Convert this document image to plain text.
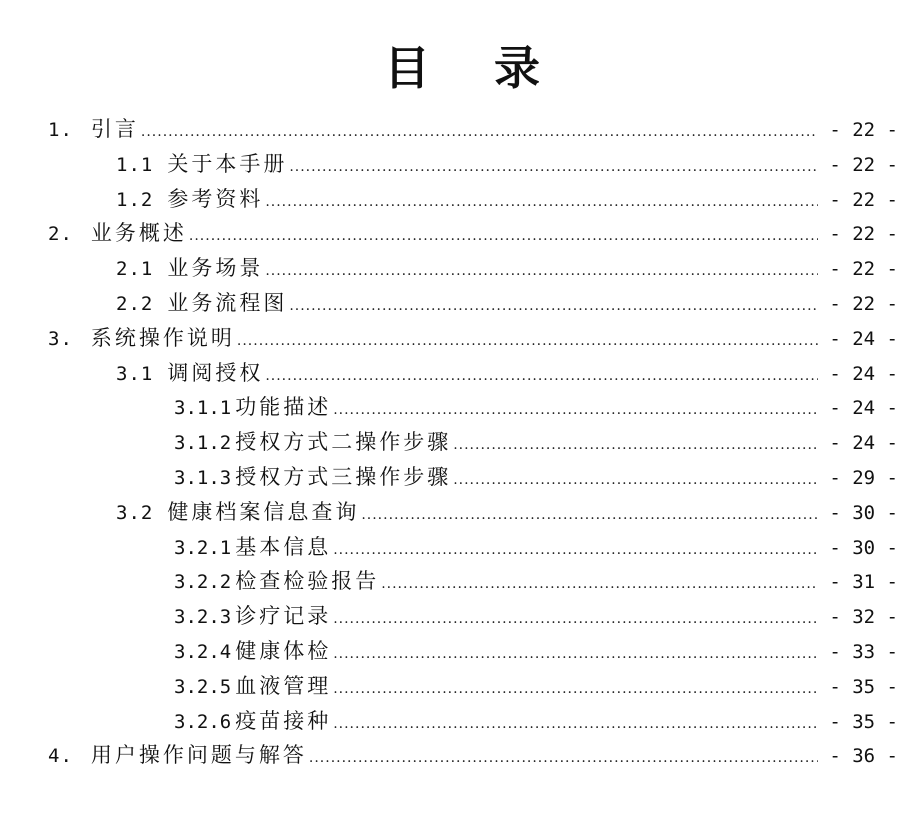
目 录
1. 引言 .....	- 22 -
1.1 关于本手册 .....	- 22 -
1.2 参考资料 .....	- 22 -
2. 业务概述 .....	- 22 -
2.1 业务场景 .....	- 22 -
2.2 业务流程图 .....	- 22 -
3. 系统操作说明 .....	- 24 -
3.1 调阅授权 .....	- 24 -
3.1.1 功能描述 .....	- 24 -
3.1.2 授权方式二操作步骤 .....	- 24 -
3.1.3 授权方式三操作步骤 .....	- 29 -
3.2 健康档案信息查询 .....	- 30 -
3.2.1 基本信息 .....	- 30 -
3.2.2 检查检验报告 .....	- 31 -
3.2.3 诊疗记录 .....	- 32 -
3.2.4 健康体检 .....	- 33 -
3.2.5 血液管理 .....	- 35 -
3.2.6 疫苗接种 .....	- 35 -
4. 用户操作问题与解答 .....	- 36 -
